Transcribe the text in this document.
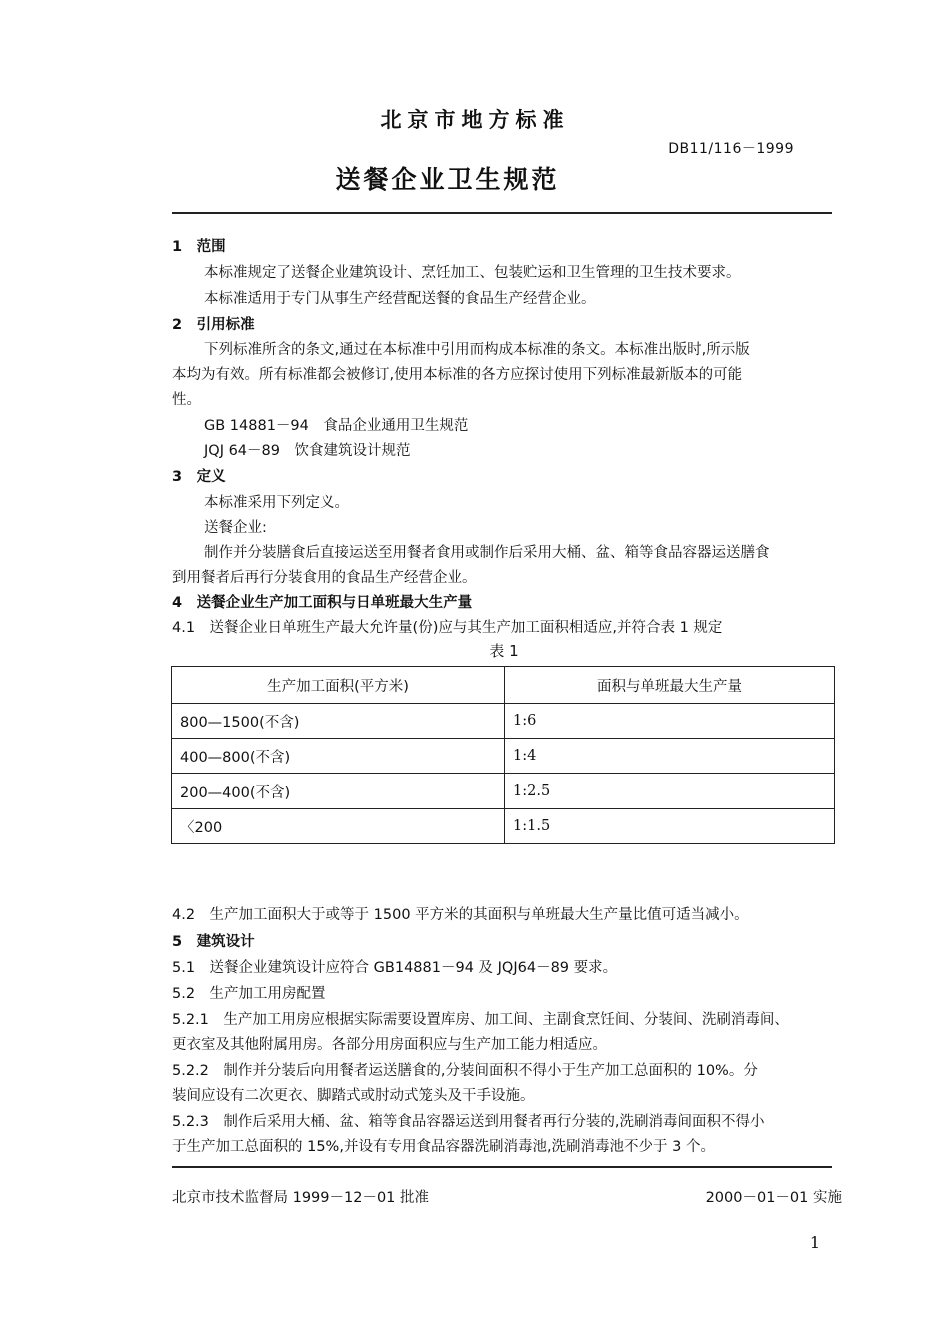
北京市地方标准
DB11/116－1999
送餐企业卫生规范
1　范围
本标准规定了送餐企业建筑设计、烹饪加工、包装贮运和卫生管理的卫生技术要求。
本标准适用于专门从事生产经营配送餐的食品生产经营企业。
2　引用标准
下列标准所含的条文,通过在本标准中引用而构成本标准的条文。本标准出版时,所示版
本均为有效。所有标准都会被修订,使用本标准的各方应探讨使用下列标准最新版本的可能
性。
GB 14881－94　食品企业通用卫生规范
JQJ 64－89　饮食建筑设计规范
3　定义
本标准采用下列定义。
送餐企业:
制作并分装膳食后直接运送至用餐者食用或制作后采用大桶、盆、箱等食品容器运送膳食
到用餐者后再行分装食用的食品生产经营企业。
4　送餐企业生产加工面积与日单班最大生产量
4.1　送餐企业日单班生产最大允许量(份)应与其生产加工面积相适应,并符合表 1 规定
表 1
生产加工面积(平方米)	面积与单班最大生产量
800—1500(不含)	1:6
400—800(不含)	1:4
200—400(不含)	1:2.5
〈200	1:1.5
4.2　生产加工面积大于或等于 1500 平方米的其面积与单班最大生产量比值可适当减小。
5　建筑设计
5.1　送餐企业建筑设计应符合 GB14881－94 及 JQJ64－89 要求。
5.2　生产加工用房配置
5.2.1　生产加工用房应根据实际需要设置库房、加工间、主副食烹饪间、分装间、洗刷消毒间、
更衣室及其他附属用房。各部分用房面积应与生产加工能力相适应。
5.2.2　制作并分装后向用餐者运送膳食的,分装间面积不得小于生产加工总面积的 10%。分
装间应设有二次更衣、脚踏式或肘动式笼头及干手设施。
5.2.3　制作后采用大桶、盆、箱等食品容器运送到用餐者再行分装的,洗刷消毒间面积不得小
于生产加工总面积的 15%,并设有专用食品容器洗刷消毒池,洗刷消毒池不少于 3 个。
北京市技术监督局 1999－12－01 批准	2000－01－01 实施
1
